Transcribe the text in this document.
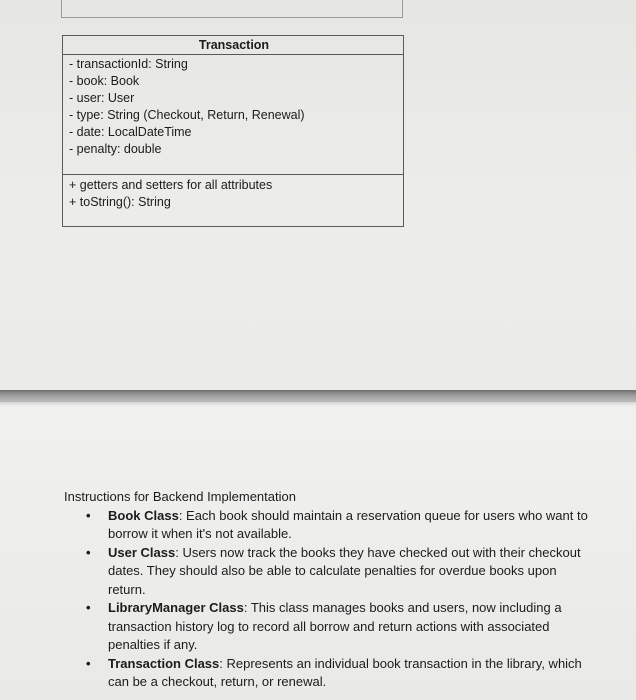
Transaction
- transactionId: String
- book: Book
- user: User
- type: String (Checkout, Return, Renewal)
- date: LocalDateTime
- penalty: double
+ getters and setters for all attributes
+ toString(): String
Instructions for Backend Implementation
• Book Class: Each book should maintain a reservation queue for users who want to borrow it when it's not available.
• User Class: Users now track the books they have checked out with their checkout dates. They should also be able to calculate penalties for overdue books upon return.
• LibraryManager Class: This class manages books and users, now including a transaction history log to record all borrow and return actions with associated penalties if any.
• Transaction Class: Represents an individual book transaction in the library, which can be a checkout, return, or renewal.
